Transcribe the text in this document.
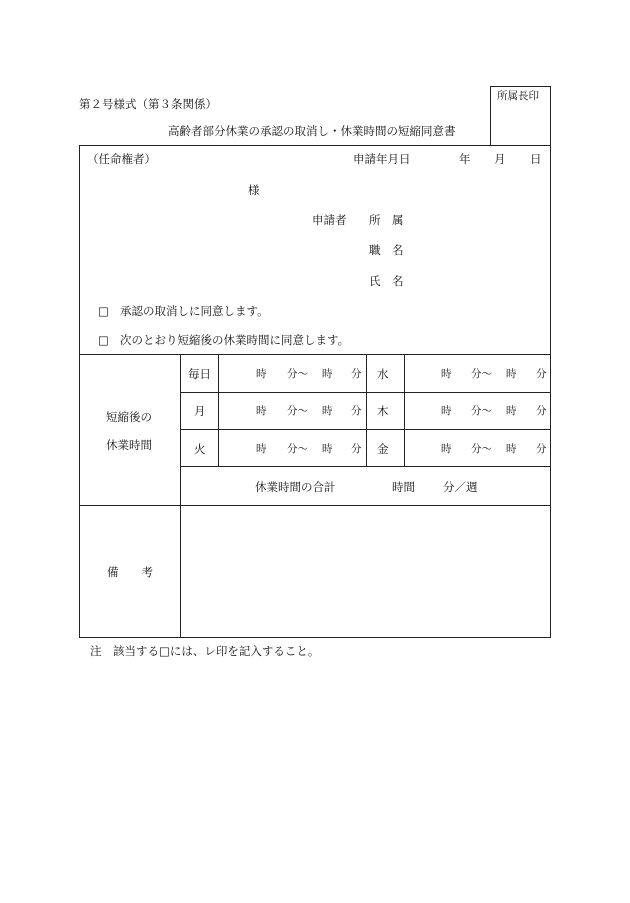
第２号様式（第３条関係）
高齢者部分休業の承認の取消し・休業時間の短縮同意書
所属長印
（任命権者）	申請年月日	年 月 日
様
申請者 所　属
職　名
氏　名
□ 承認の取消しに同意します。
□ 次のとおり短縮後の休業時間に同意します。
短縮後の
休業時間
毎日	時 分～ 時 分 水	時 分～ 時 分
月	時 分～ 時 分 木	時 分～ 時 分
火	時 分～ 時 分 金	時 分～ 時 分
休業時間の合計	時間 分／週
備　　考
注　該当する□には、レ印を記入すること。
